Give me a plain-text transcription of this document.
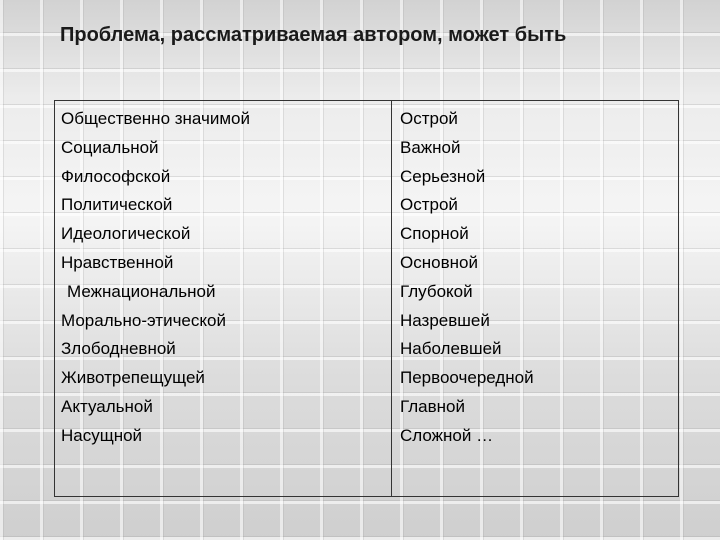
Проблема, рассматриваемая автором, может быть
Общественно значимой
Социальной
Философской
Политической
Идеологической
Нравственной
Межнациональной
Морально-этической
Злободневной
Животрепещущей
Актуальной
Насущной
Острой
Важной
Серьезной
Острой
Спорной
Основной
Глубокой
Назревшей
Наболевшей
Первоочередной
Главной
Сложной …
